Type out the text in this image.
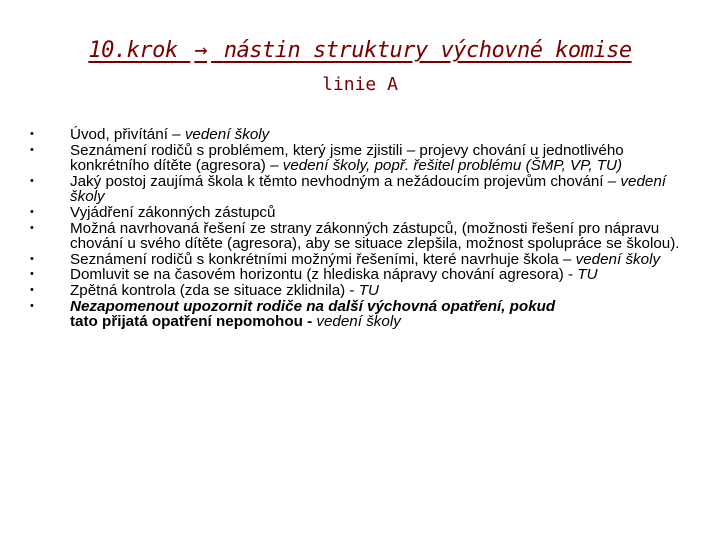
10.krok → nástin struktury výchovné komise
linie A
• Úvod, přivítání – vedení školy
• Seznámení rodičů s problémem, který jsme zjistili – projevy chování u jednotlivého konkrétního dítěte (agresora) – vedení školy, popř. řešitel problému (ŠMP, VP, TU)
• Jaký postoj zaujímá škola k těmto nevhodným a nežádoucím projevům chování – vedení školy
• Vyjádření zákonných zástupců
• Možná navrhovaná řešení ze strany zákonných zástupců, (možnosti řešení pro nápravu chování u svého dítěte (agresora), aby se situace zlepšila, možnost spolupráce se školou).
• Seznámení rodičů s konkrétními možnými řešeními, které navrhuje škola – vedení školy
• Domluvit se na časovém horizontu (z hlediska nápravy chování agresora) - TU
• Zpětná kontrola (zda se situace zklidnila) - TU
• Nezapomenout upozornit rodiče na další výchovná opatření, pokud
tato přijatá opatření nepomohou - vedení školy
